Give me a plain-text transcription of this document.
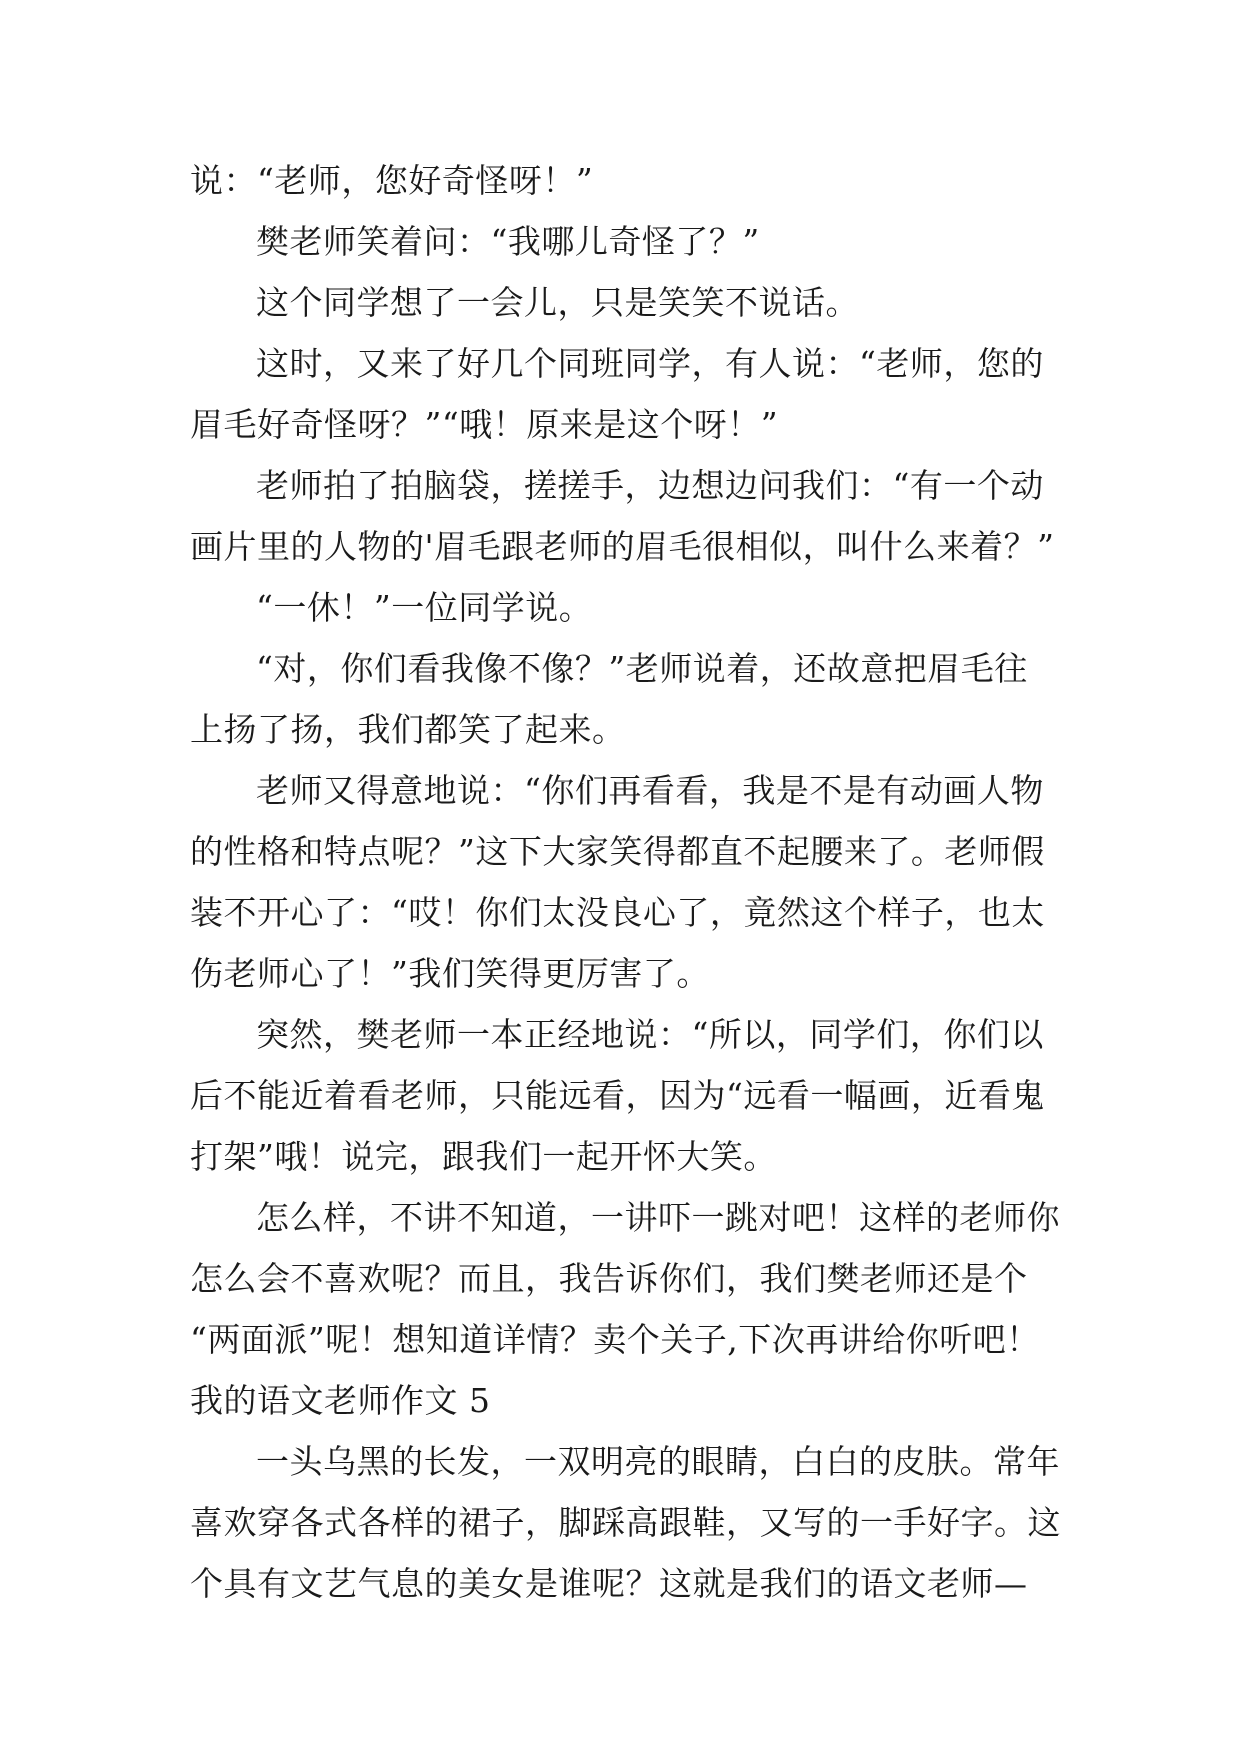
说：“老师，您好奇怪呀！”
樊老师笑着问：“我哪儿奇怪了？”
这个同学想了一会儿，只是笑笑不说话。
这时，又来了好几个同班同学，有人说：“老师，您的
眉毛好奇怪呀？”“哦！原来是这个呀！”
老师拍了拍脑袋，搓搓手，边想边问我们：“有一个动
画片里的人物的'眉毛跟老师的眉毛很相似，叫什么来着？”
“一休！”一位同学说。
“对，你们看我像不像？”老师说着，还故意把眉毛往
上扬了扬，我们都笑了起来。
老师又得意地说：“你们再看看，我是不是有动画人物
的性格和特点呢？”这下大家笑得都直不起腰来了。老师假
装不开心了：“哎！你们太没良心了，竟然这个样子，也太
伤老师心了！”我们笑得更厉害了。
突然，樊老师一本正经地说：“所以，同学们，你们以
后不能近着看老师，只能远看，因为“远看一幅画，近看鬼
打架”哦！说完，跟我们一起开怀大笑。
怎么样，不讲不知道，一讲吓一跳对吧！这样的老师你
怎么会不喜欢呢？而且，我告诉你们，我们樊老师还是个
“两面派”呢！想知道详情？卖个关子,下次再讲给你听吧！
我的语文老师作文 5
一头乌黑的长发，一双明亮的眼睛，白白的皮肤。常年
喜欢穿各式各样的裙子，脚踩高跟鞋，又写的一手好字。这
个具有文艺气息的美女是谁呢？这就是我们的语文老师—
